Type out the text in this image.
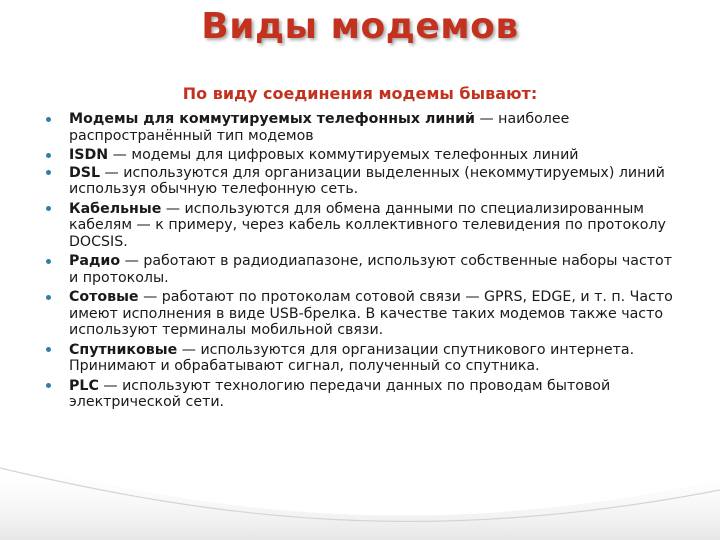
Виды модемов
По виду соединения модемы бывают:
Модемы для коммутируемых телефонных линий — наиболее распространённый тип модемов
ISDN — модемы для цифровых коммутируемых телефонных линий
DSL — используются для организации выделенных (некоммутируемых) линий используя обычную телефонную сеть.
Кабельные — используются для обмена данными по специализированным кабелям — к примеру, через кабель коллективного телевидения по протоколу DOCSIS.
Радио — работают в радиодиапазоне, используют собственные наборы частот и протоколы.
Сотовые — работают по протоколам сотовой связи — GPRS, EDGE, и т. п. Часто имеют исполнения в виде USB-брелка. В качестве таких модемов также часто используют терминалы мобильной связи.
Спутниковые — используются для организации спутникового интернета. Принимают и обрабатывают сигнал, полученный со спутника.
PLC — используют технологию передачи данных по проводам бытовой электрической сети.
